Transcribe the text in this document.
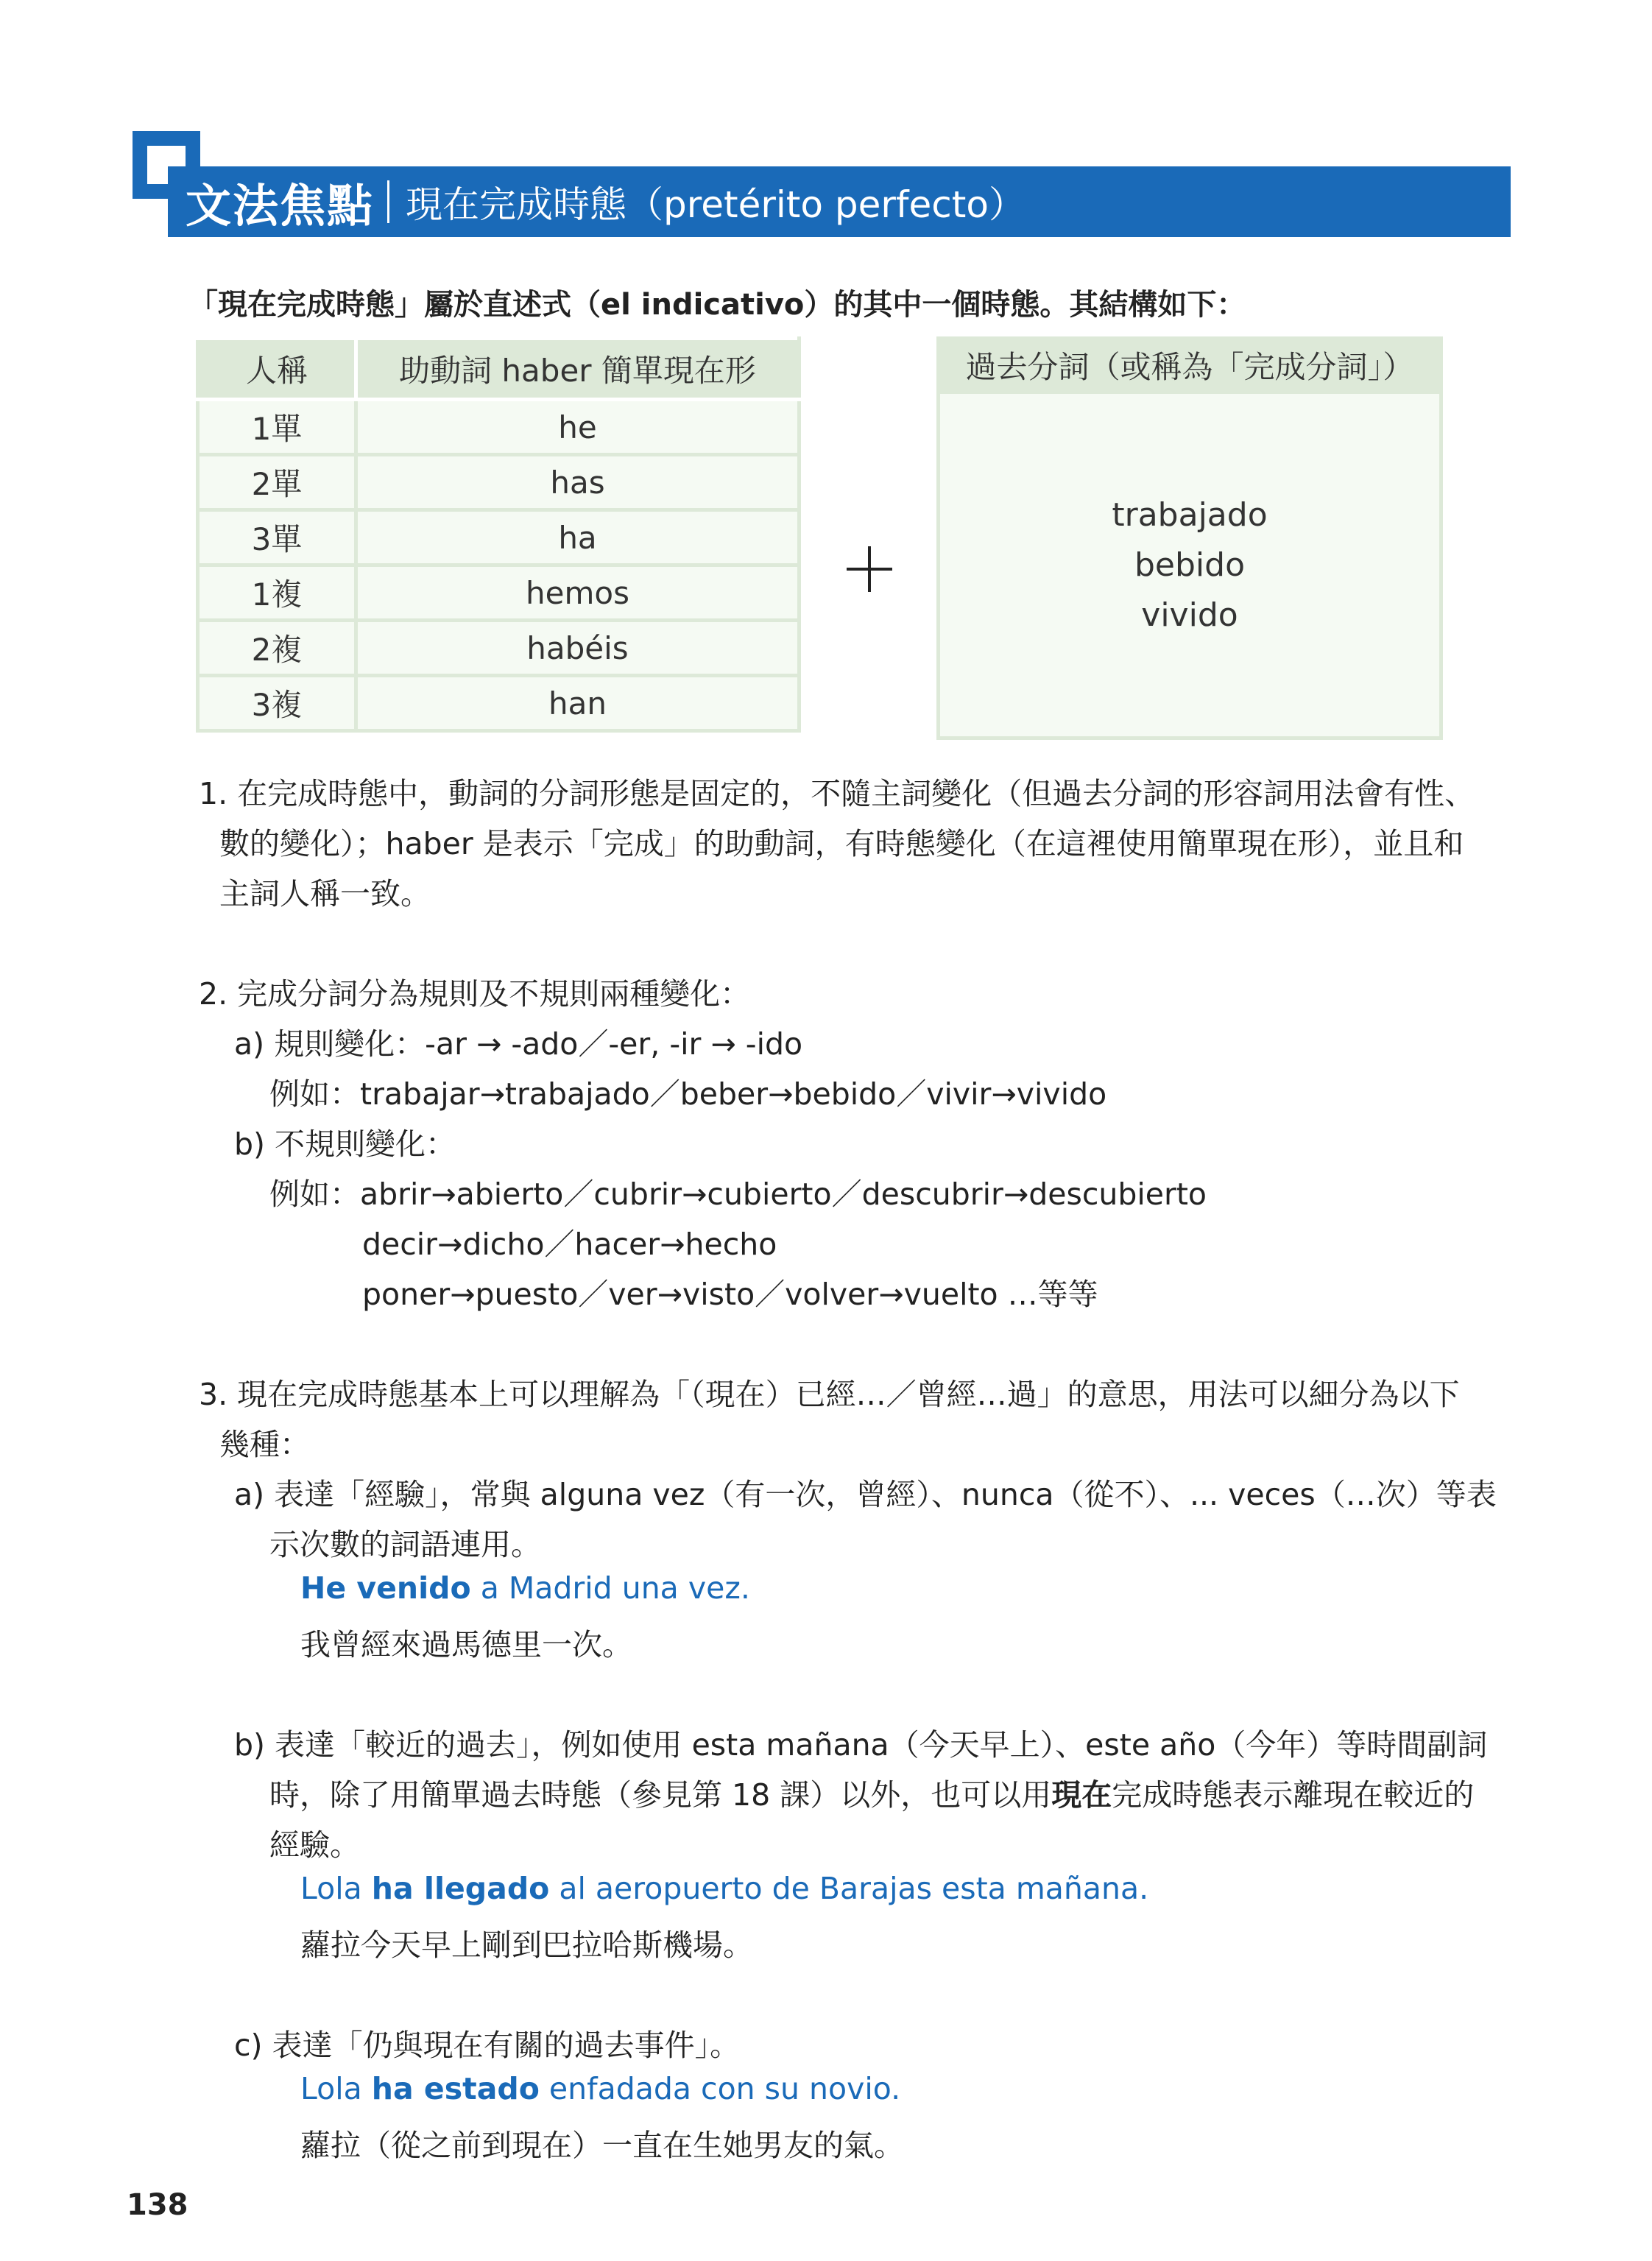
文法焦點 現在完成時態（pretérito perfecto）
「現在完成時態」屬於直述式（el indicativo）的其中一個時態。其結構如下：
人稱	助動詞 haber 簡單現在形
1單	he
2單	has
3單	ha
1複	hemos
2複	habéis
3複	han
過去分詞（或稱為「完成分詞」）
trabajado
bebido
vivido
1. 在完成時態中，動詞的分詞形態是固定的，不隨主詞變化（但過去分詞的形容詞用法會有性、
數的變化）；haber 是表示「完成」的助動詞，有時態變化（在這裡使用簡單現在形），並且和
主詞人稱一致。
2. 完成分詞分為規則及不規則兩種變化：
a) 規則變化：-ar → -ado／-er, -ir → -ido
例如：trabajar→trabajado／beber→bebido／vivir→vivido
b) 不規則變化：
例如：abrir→abierto／cubrir→cubierto／descubrir→descubierto
decir→dicho／hacer→hecho
poner→puesto／ver→visto／volver→vuelto …等等
3. 現在完成時態基本上可以理解為「（現在）已經…／曾經…過」的意思，用法可以細分為以下
幾種：
a) 表達「經驗」，常與 alguna vez（有一次，曾經）、nunca（從不）、... veces（…次）等表
示次數的詞語連用。
He venido a Madrid una vez.
我曾經來過馬德里一次。
b) 表達「較近的過去」，例如使用 esta mañana（今天早上）、este año（今年）等時間副詞
時，除了用簡單過去時態（參見第 18 課）以外，也可以用現在完成時態表示離現在較近的
經驗。
Lola ha llegado al aeropuerto de Barajas esta mañana.
蘿拉今天早上剛到巴拉哈斯機場。
c) 表達「仍與現在有關的過去事件」。
Lola ha estado enfadada con su novio.
蘿拉（從之前到現在）一直在生她男友的氣。
138
